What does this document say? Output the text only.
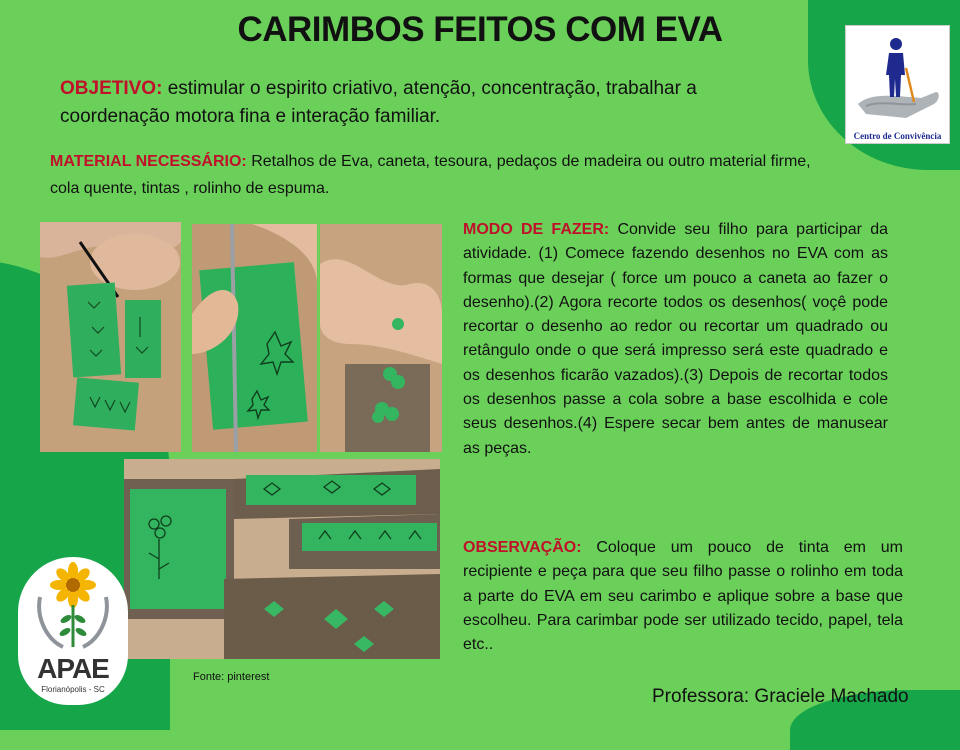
CARIMBOS FEITOS COM EVA
OBJETIVO: estimular o espirito criativo, atenção, concentração, trabalhar a coordenação motora fina e interação familiar.
MATERIAL NECESSÁRIO: Retalhos de Eva, caneta, tesoura, pedaços de madeira ou outro material firme, cola quente, tintas , rolinho de espuma.
MODO DE FAZER: Convide seu filho para participar da atividade. (1) Comece fazendo desenhos no EVA com as formas que desejar ( force um pouco a caneta ao fazer o desenho).(2) Agora recorte todos os desenhos( voçê pode recortar o desenho ao redor ou recortar um quadrado ou retângulo onde o que será impresso será este quadrado e os desenhos ficarão vazados).(3) Depois de recortar todos os desenhos passe a cola sobre a base escolhida e cole seus desenhos.(4) Espere secar bem antes de manusear as peças.
OBSERVAÇÃO: Coloque um pouco de tinta em um recipiente e peça para que seu filho passe o rolinho em toda a parte do EVA em seu carimbo e aplique sobre a base que escolheu. Para carimbar pode ser utilizado tecido, papel, tela etc..
Centro de Convivência
APAE
Florianópolis - SC
Fonte: pinterest
Professora: Graciele Machado
